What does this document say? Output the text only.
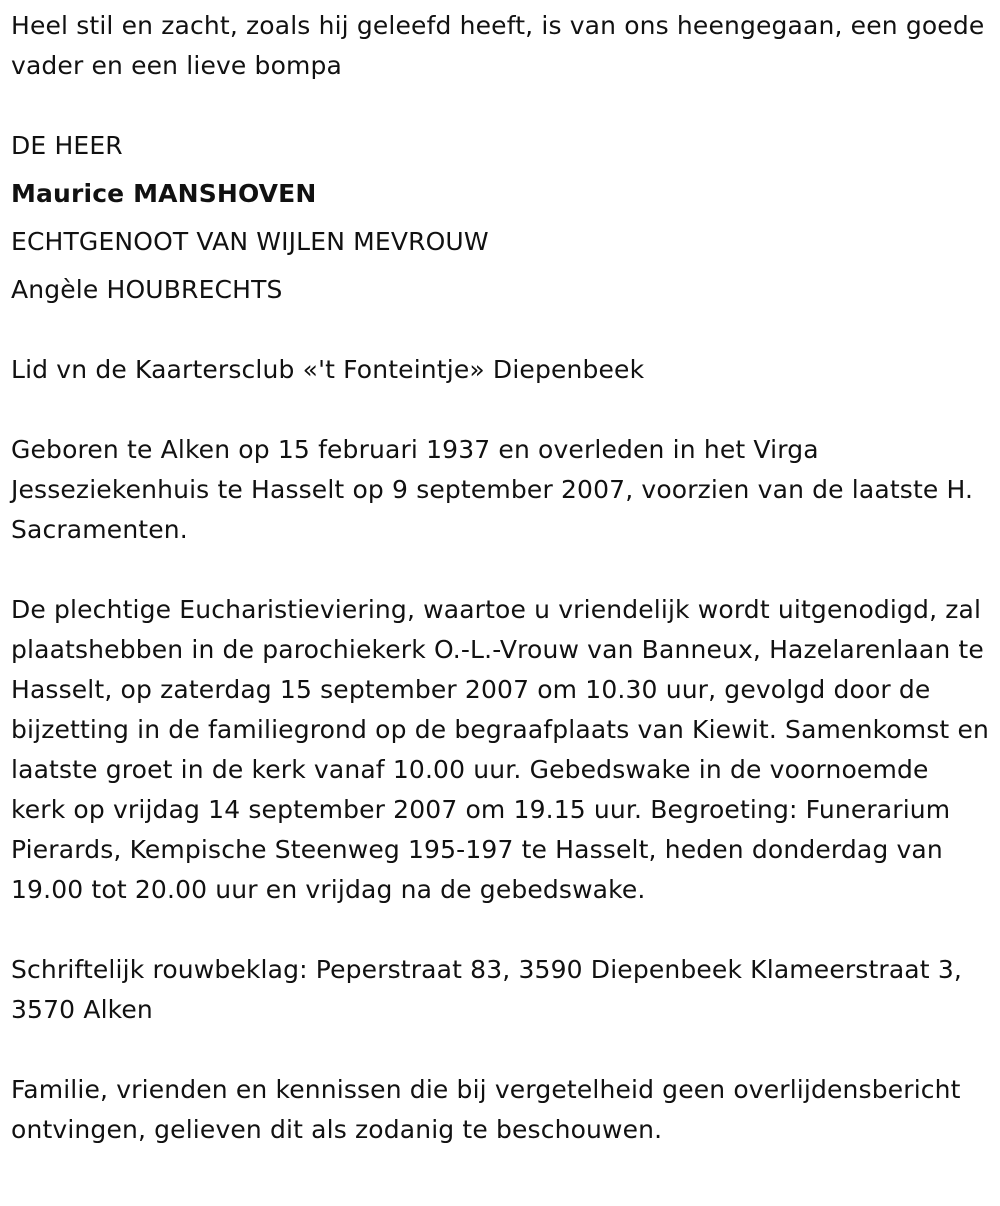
Heel stil en zacht, zoals hij geleefd heeft, is van ons heengegaan, een goede vader en een lieve bompa

DE HEER

Maurice MANSHOVEN

ECHTGENOOT VAN WIJLEN MEVROUW

Angèle HOUBRECHTS

Lid vn de Kaartersclub «'t Fonteintje» Diepenbeek

Geboren te Alken op 15 februari 1937 en overleden in het Virga Jesseziekenhuis te Hasselt op 9 september 2007, voorzien van de laatste H. Sacramenten.

De plechtige Eucharistieviering, waartoe u vriendelijk wordt uitgenodigd, zal plaatshebben in de parochiekerk O.-L.-Vrouw van Banneux, Hazelarenlaan te Hasselt, op zaterdag 15 september 2007 om 10.30 uur, gevolgd door de bijzetting in de familiegrond op de begraafplaats van Kiewit. Samenkomst en laatste groet in de kerk vanaf 10.00 uur. Gebedswake in de voornoemde kerk op vrijdag 14 september 2007 om 19.15 uur. Begroeting: Funerarium Pierards, Kempische Steenweg 195-197 te Hasselt, heden donderdag van 19.00 tot 20.00 uur en vrijdag na de gebedswake.

Schriftelijk rouwbeklag: Peperstraat 83, 3590 Diepenbeek Klameerstraat 3, 3570 Alken

Familie, vrienden en kennissen die bij vergetelheid geen overlijdensbericht ontvingen, gelieven dit als zodanig te beschouwen.
